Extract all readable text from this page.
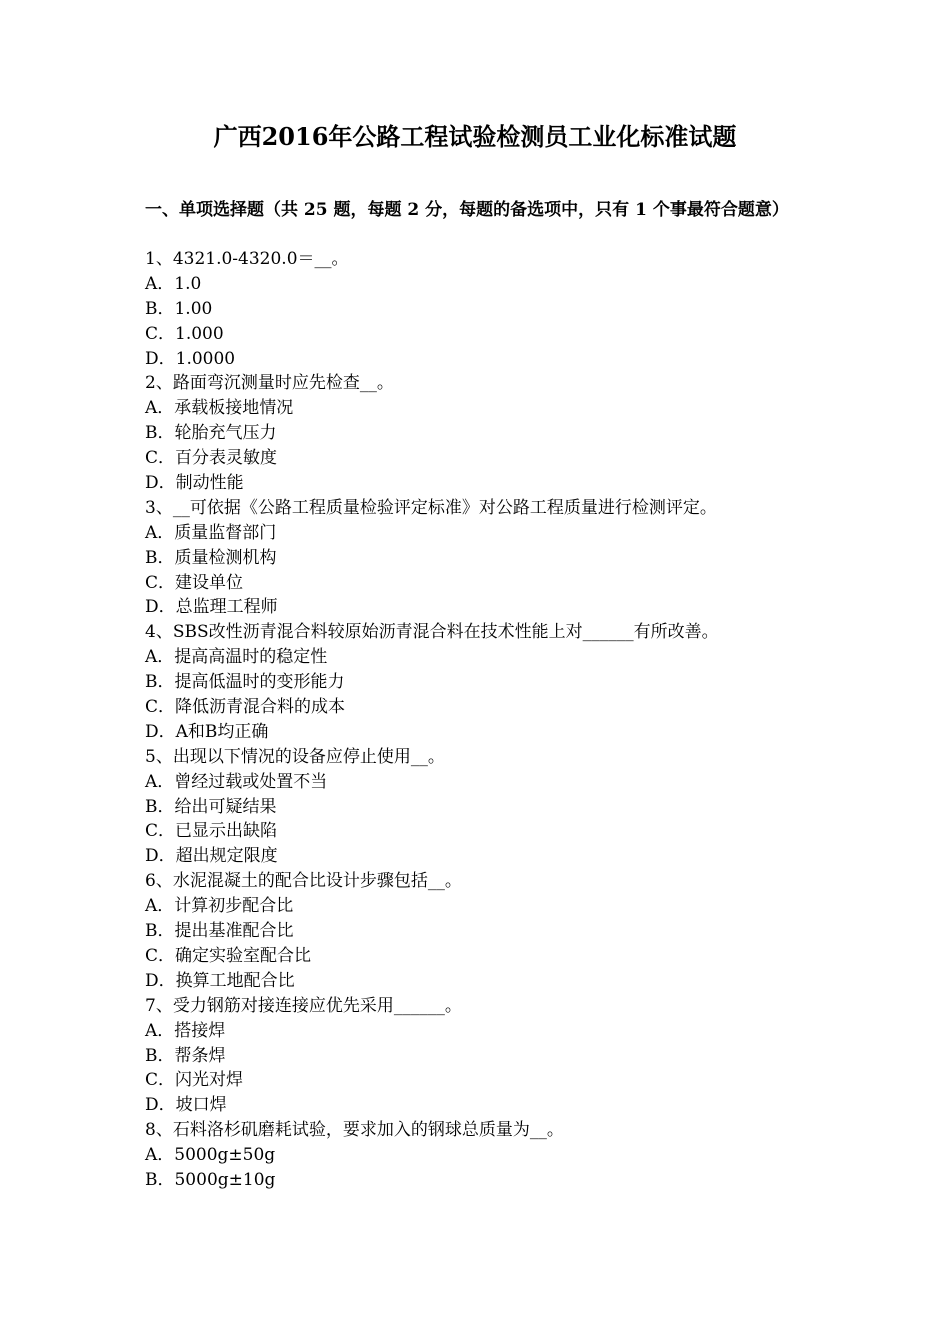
广西2016年公路工程试验检测员工业化标准试题
一、单项选择题（共 25 题，每题 2 分，每题的备选项中，只有 1 个事最符合题意）
1、4321.0-4320.0＝__。
A．1.0
B．1.00
C．1.000
D．1.0000
2、路面弯沉测量时应先检查__。
A．承载板接地情况
B．轮胎充气压力
C．百分表灵敏度
D．制动性能
3、__可依据《公路工程质量检验评定标准》对公路工程质量进行检测评定。
A．质量监督部门
B．质量检测机构
C．建设单位
D．总监理工程师
4、SBS改性沥青混合料较原始沥青混合料在技术性能上对______有所改善。
A．提高高温时的稳定性
B．提高低温时的变形能力
C．降低沥青混合料的成本
D．A和B均正确
5、出现以下情况的设备应停止使用__。
A．曾经过载或处置不当
B．给出可疑结果
C．已显示出缺陷
D．超出规定限度
6、水泥混凝土的配合比设计步骤包括__。
A．计算初步配合比
B．提出基准配合比
C．确定实验室配合比
D．换算工地配合比
7、受力钢筋对接连接应优先采用______。
A．搭接焊
B．帮条焊
C．闪光对焊
D．坡口焊
8、石料洛杉矶磨耗试验，要求加入的钢球总质量为__。
A．5000g±50g
B．5000g±10g
